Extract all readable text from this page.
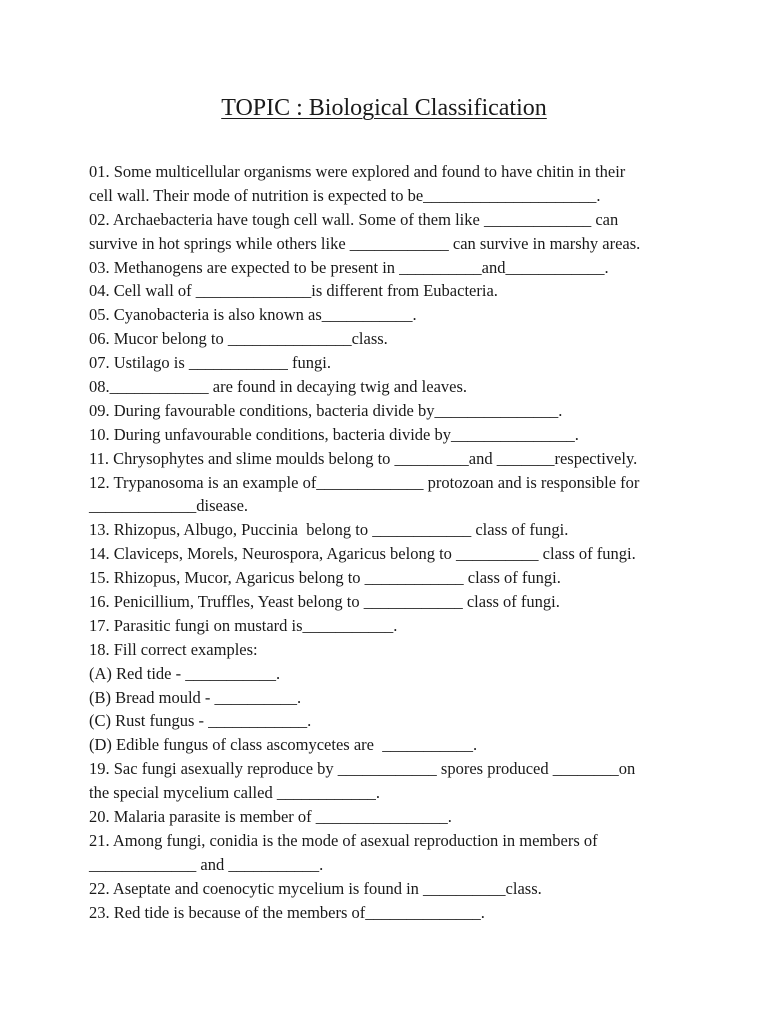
TOPIC : Biological Classification
01. Some multicellular organisms were explored and found to have chitin in their
cell wall. Their mode of nutrition is expected to be_____________________.
02. Archaebacteria have tough cell wall. Some of them like _____________ can
survive in hot springs while others like ____________ can survive in marshy areas.
03. Methanogens are expected to be present in __________and____________.
04. Cell wall of ______________is different from Eubacteria.
05. Cyanobacteria is also known as___________.
06. Mucor belong to _______________class.
07. Ustilago is ____________ fungi.
08.____________ are found in decaying twig and leaves.
09. During favourable conditions, bacteria divide by_______________.
10. During unfavourable conditions, bacteria divide by_______________.
11. Chrysophytes and slime moulds belong to _________and _______respectively.
12. Trypanosoma is an example of_____________ protozoan and is responsible for
_____________disease.
13. Rhizopus, Albugo, Puccinia  belong to ____________ class of fungi.
14. Claviceps, Morels, Neurospora, Agaricus belong to __________ class of fungi.
15. Rhizopus, Mucor, Agaricus belong to ____________ class of fungi.
16. Penicillium, Truffles, Yeast belong to ____________ class of fungi.
17. Parasitic fungi on mustard is___________.
18. Fill correct examples:
(A) Red tide - ___________.
(B) Bread mould - __________.
(C) Rust fungus - ____________.
(D) Edible fungus of class ascomycetes are  ___________.
19. Sac fungi asexually reproduce by ____________ spores produced ________on
the special mycelium called ____________.
20. Malaria parasite is member of ________________.
21. Among fungi, conidia is the mode of asexual reproduction in members of
_____________ and ___________.
22. Aseptate and coenocytic mycelium is found in __________class.
23. Red tide is because of the members of______________.
